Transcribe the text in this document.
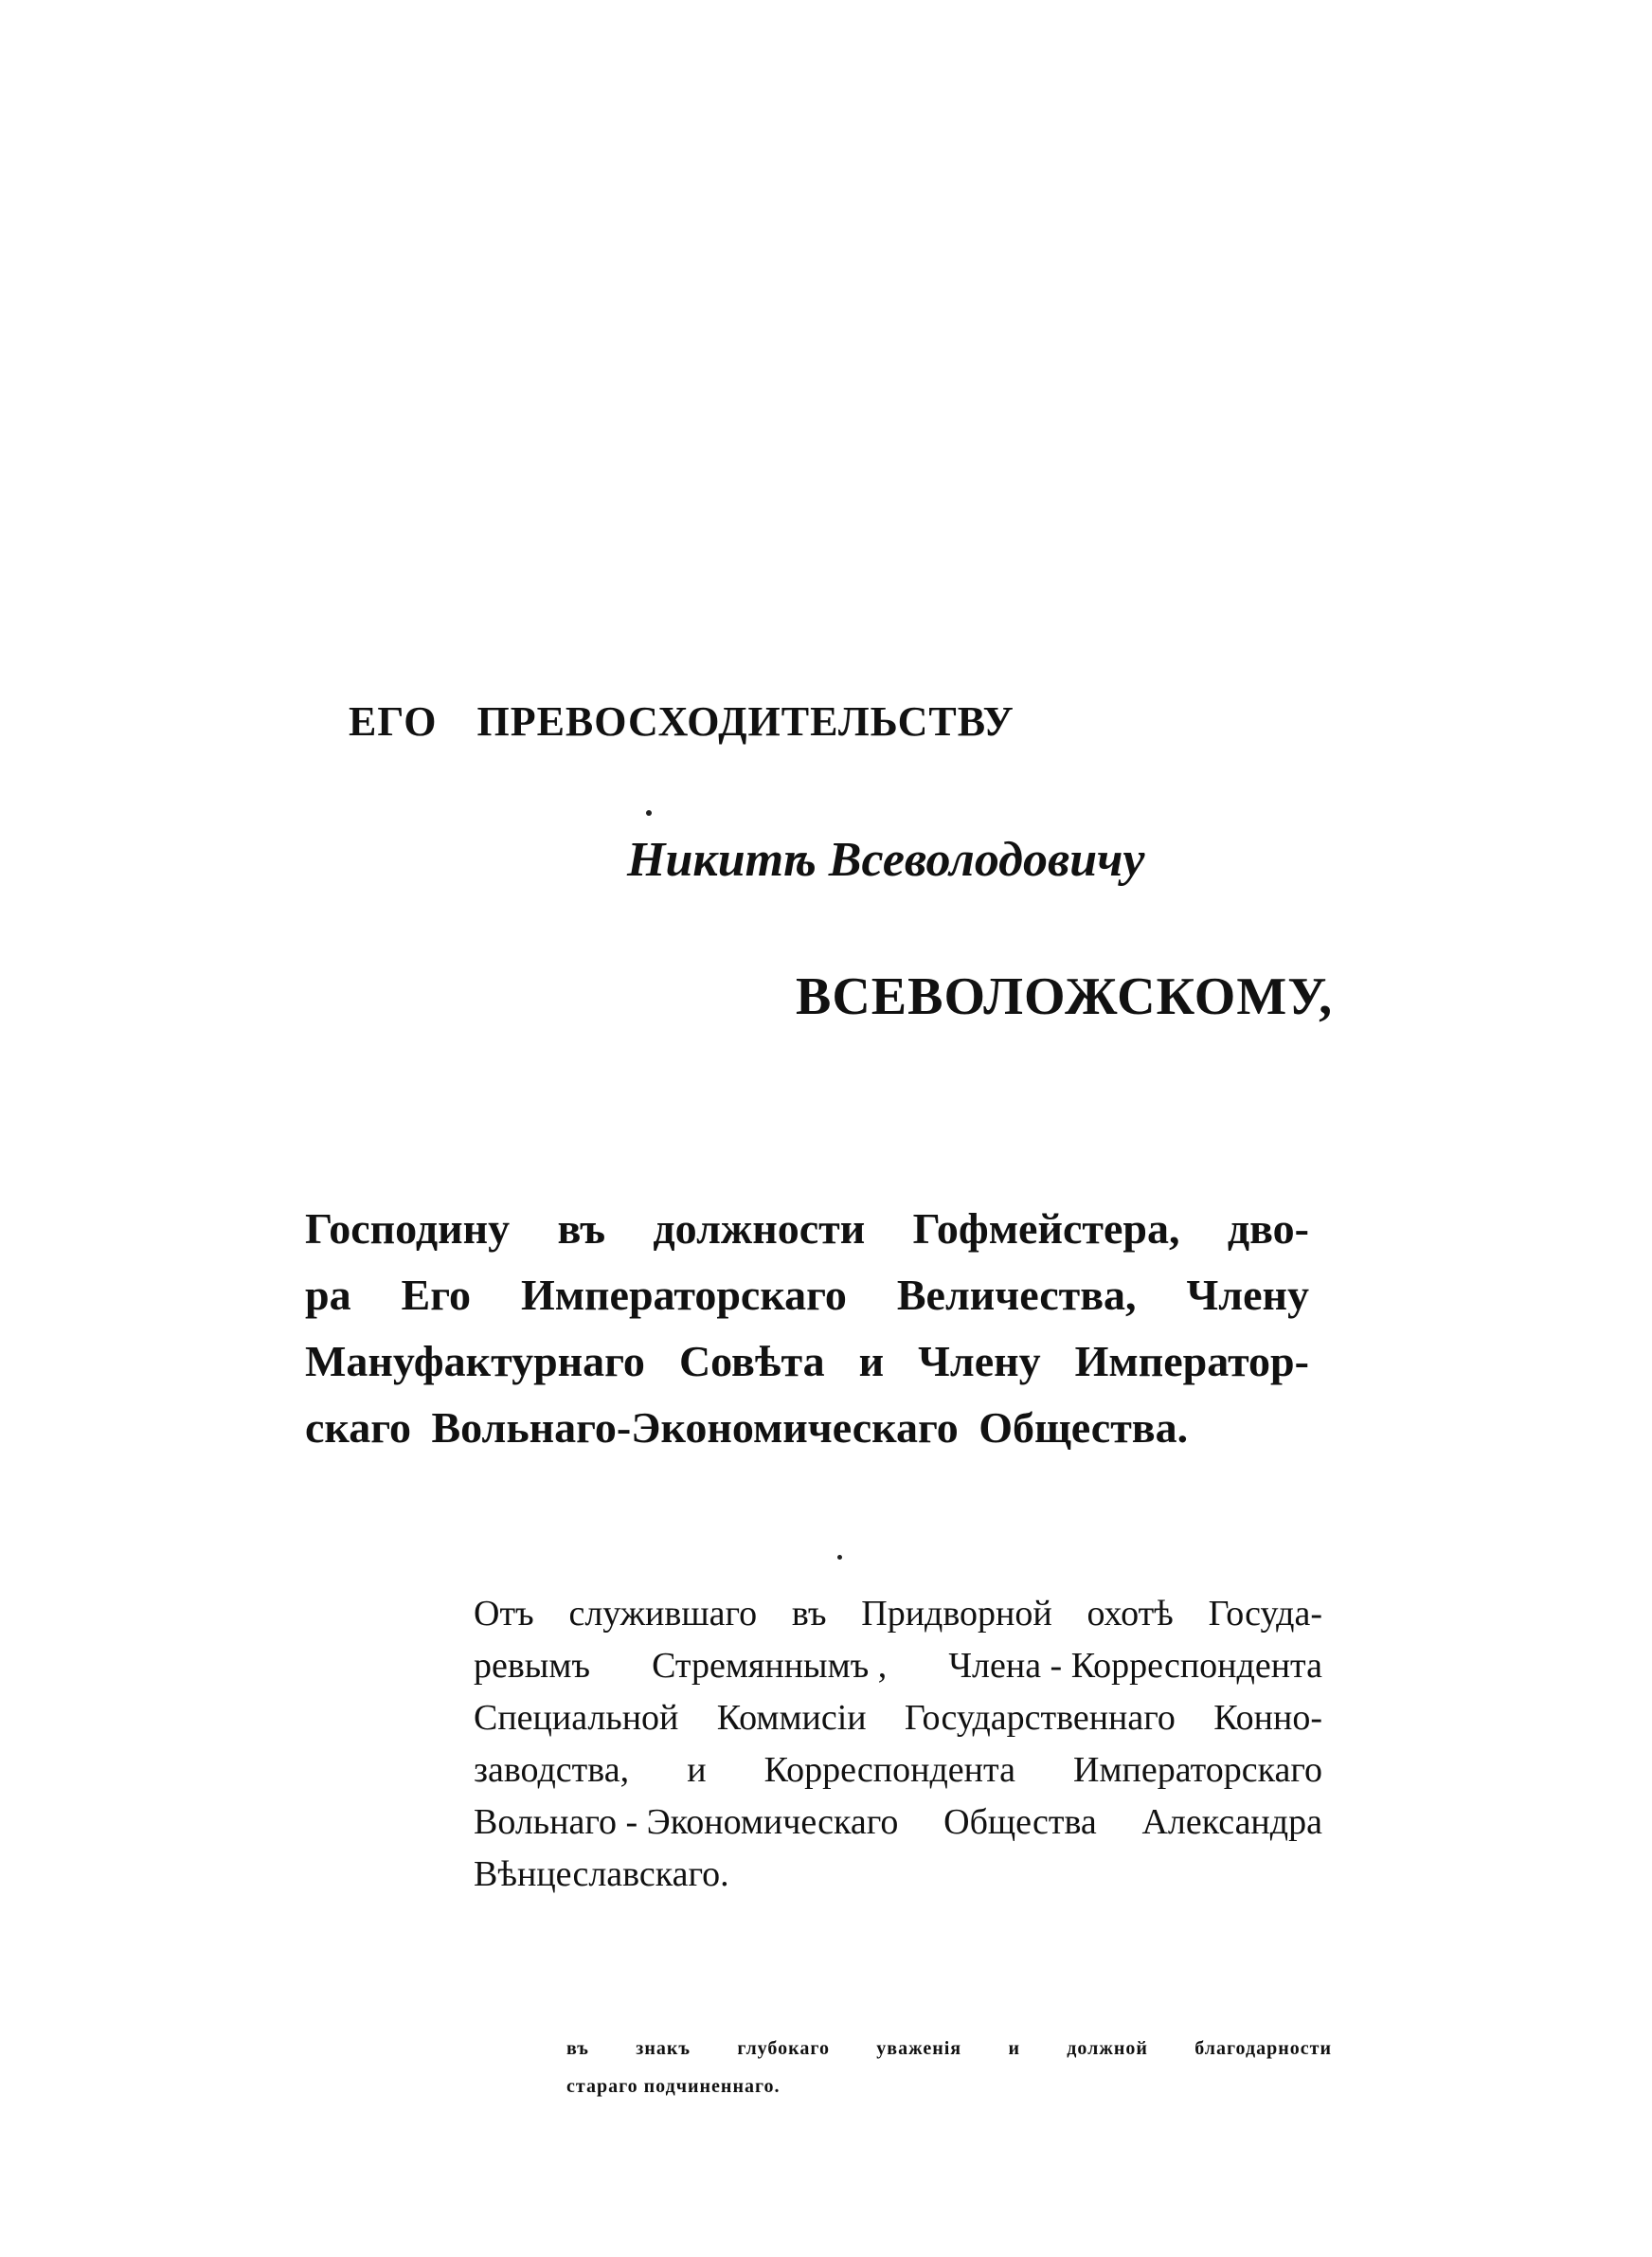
ЕГО ПРЕВОСХОДИТЕЛЬСТВУ
Никитѣ Всеволодовичу
ВСЕВОЛОЖСКОМУ,
Господину въ должности Гофмейстера, дво-
ра Его Императорскаго Величества, Члену
Мануфактурнаго Совѣта и Члену Император-
скаго Вольнаго-Экономическаго Общества.
Отъ служившаго въ Придворной охотѣ Госуда-
ревымъ Стремяннымъ , Члена - Корреспондента
Специальной Коммисіи Государственнаго Конно-
заводства, и Корреспондента Императорскаго
Вольнаго - Экономическаго Общества Александра
Вѣнцеславскаго.
въ знакъ глубокаго уваженія и должной благодарности
стараго подчиненнаго.
